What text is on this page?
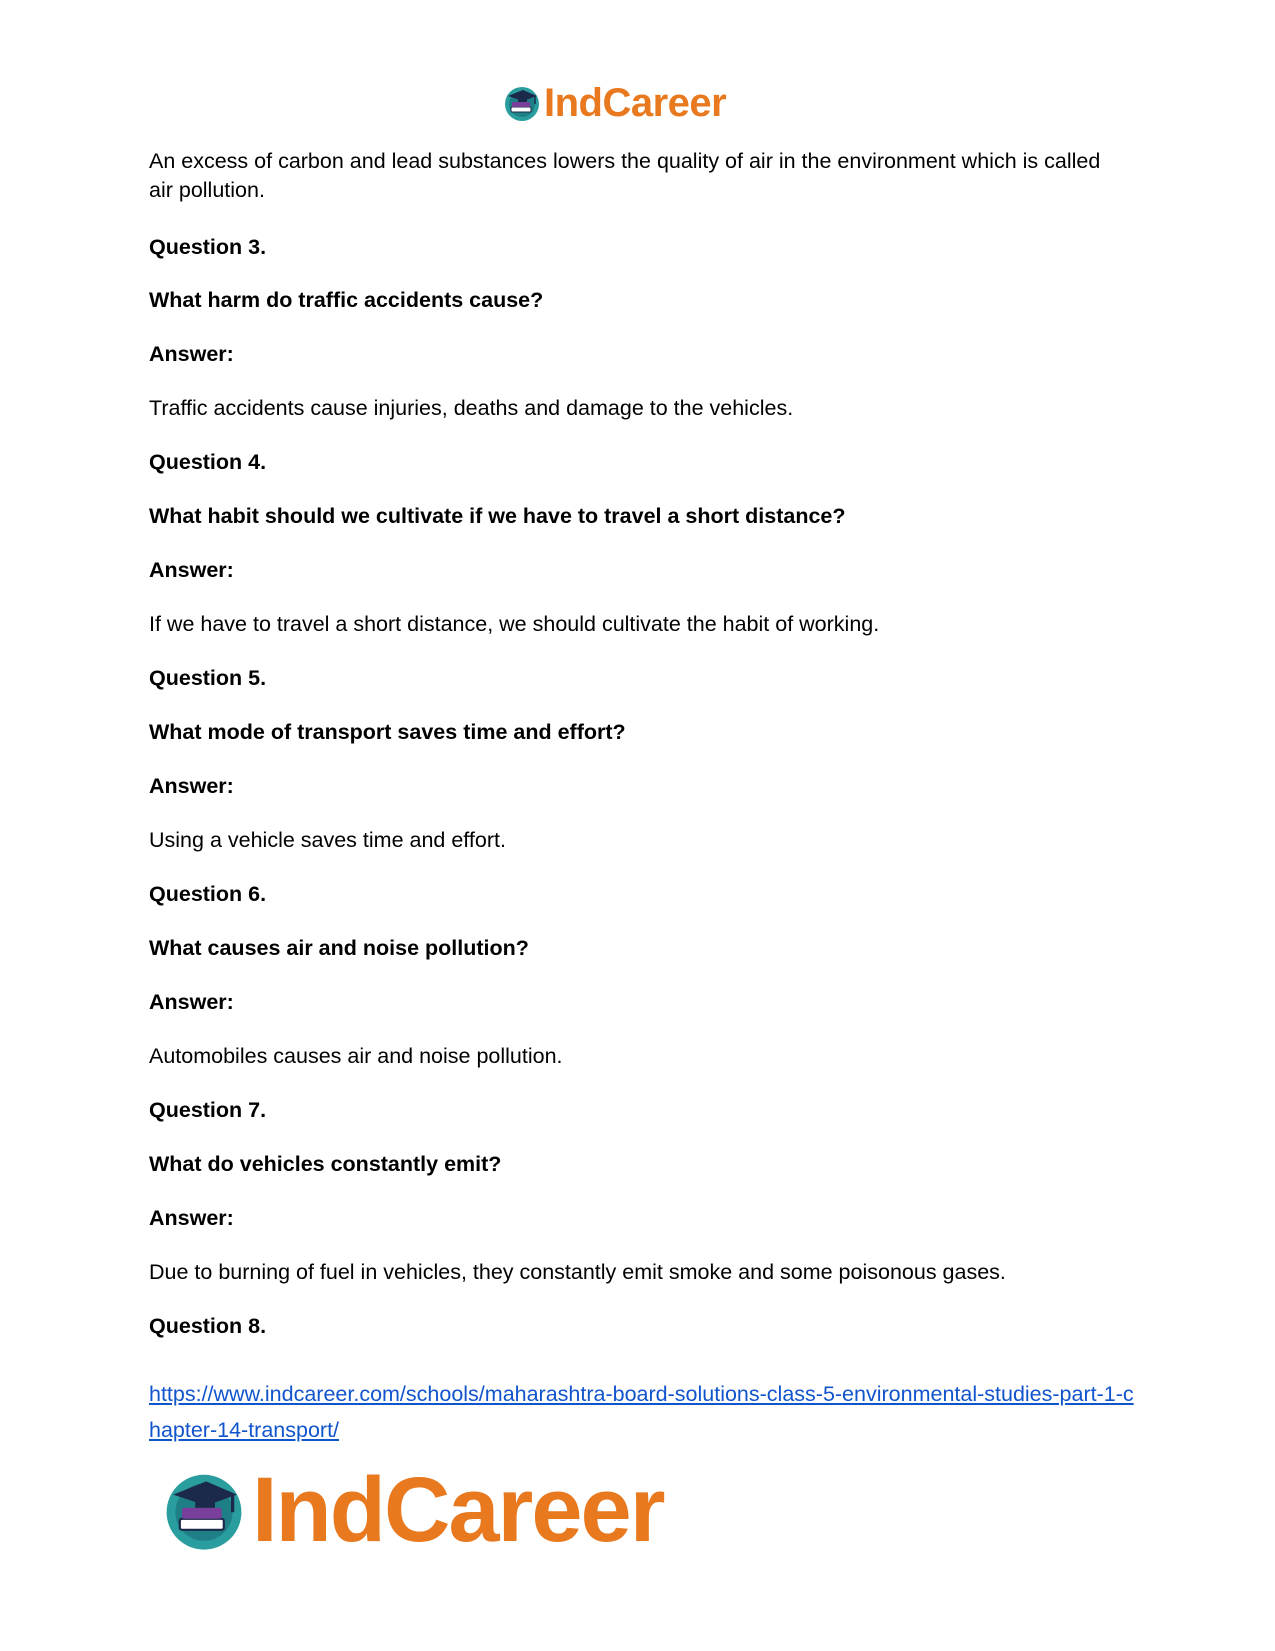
IndCareer

An excess of carbon and lead substances lowers the quality of air in the environment which is called air pollution.

Question 3.
What harm do traffic accidents cause?
Answer:
Traffic accidents cause injuries, deaths and damage to the vehicles.
Question 4.
What habit should we cultivate if we have to travel a short distance?
Answer:
If we have to travel a short distance, we should cultivate the habit of working.
Question 5.
What mode of transport saves time and effort?
Answer:
Using a vehicle saves time and effort.
Question 6.
What causes air and noise pollution?
Answer:
Automobiles causes air and noise pollution.
Question 7.
What do vehicles constantly emit?
Answer:
Due to burning of fuel in vehicles, they constantly emit smoke and some poisonous gases.
Question 8.
https://www.indcareer.com/schools/maharashtra-board-solutions-class-5-environmental-studies-part-1-chapter-14-transport/
IndCareer
